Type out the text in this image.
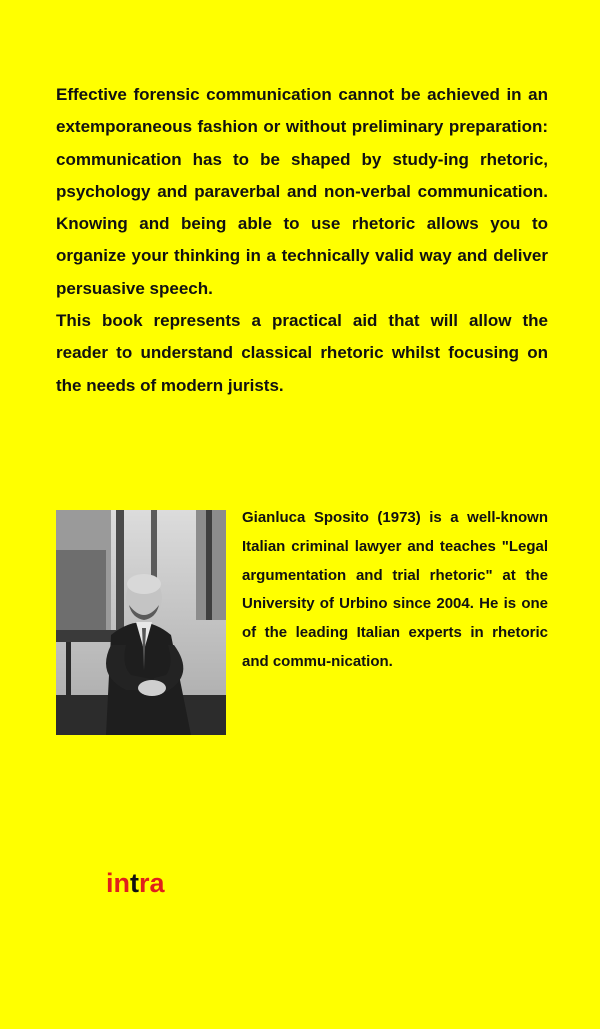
Effective forensic communication cannot be achieved in an extemporaneous fashion or without preliminary preparation: communication has to be shaped by study-ing rhetoric, psychology and paraverbal and non-verbal communication. Knowing and being able to use rhetoric allows you to organize your thinking in a technically valid way and deliver persuasive speech.

This book represents a practical aid that will allow the reader to understand classical rhetoric whilst focusing on the needs of modern jurists.

Gianluca Sposito (1973) is a well-known Italian criminal lawyer and teaches "Legal argumentation and trial rhetoric" at the University of Urbino since 2004. He is one of the leading Italian experts in rhetoric and commu-nication.

intra
